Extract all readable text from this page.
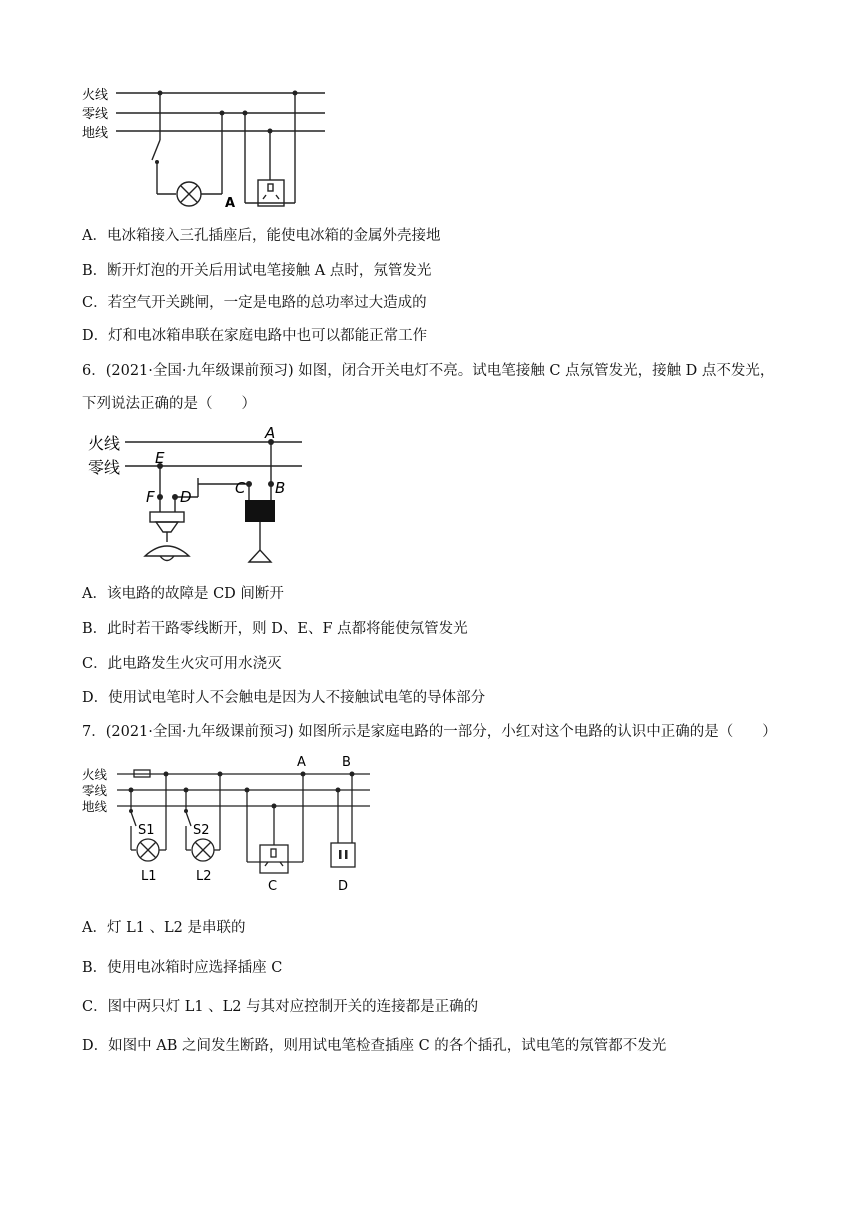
火线
零线
地线
A
A．电冰箱接入三孔插座后，能使电冰箱的金属外壳接地
B．断开灯泡的开关后用试电笔接触 A 点时，氖管发光
C．若空气开关跳闸，一定是电路的总功率过大造成的
D．灯和电冰箱串联在家庭电路中也可以都能正常工作
6．(2021·全国·九年级课前预习) 如图，闭合开关电灯不亮。试电笔接触 C 点氖管发光，接触 D 点不发光，
下列说法正确的是（　　）
火线
零线
A
E
F D	C B
A．该电路的故障是 CD 间断开
B．此时若干路零线断开，则 D、E、F 点都将能使氖管发光
C．此电路发生火灾可用水浇灭
D．使用试电笔时人不会触电是因为人不接触试电笔的导体部分
7．(2021·全国·九年级课前预习) 如图所示是家庭电路的一部分，小红对这个电路的认识中正确的是（　　）
火线
零线
地线
A	B
S1	S2
L1	L2
C	D
A．灯 L1 、L2 是串联的
B．使用电冰箱时应选择插座 C
C．图中两只灯 L1 、L2 与其对应控制开关的连接都是正确的
D．如图中 AB 之间发生断路，则用试电笔检查插座 C 的各个插孔，试电笔的氖管都不发光
